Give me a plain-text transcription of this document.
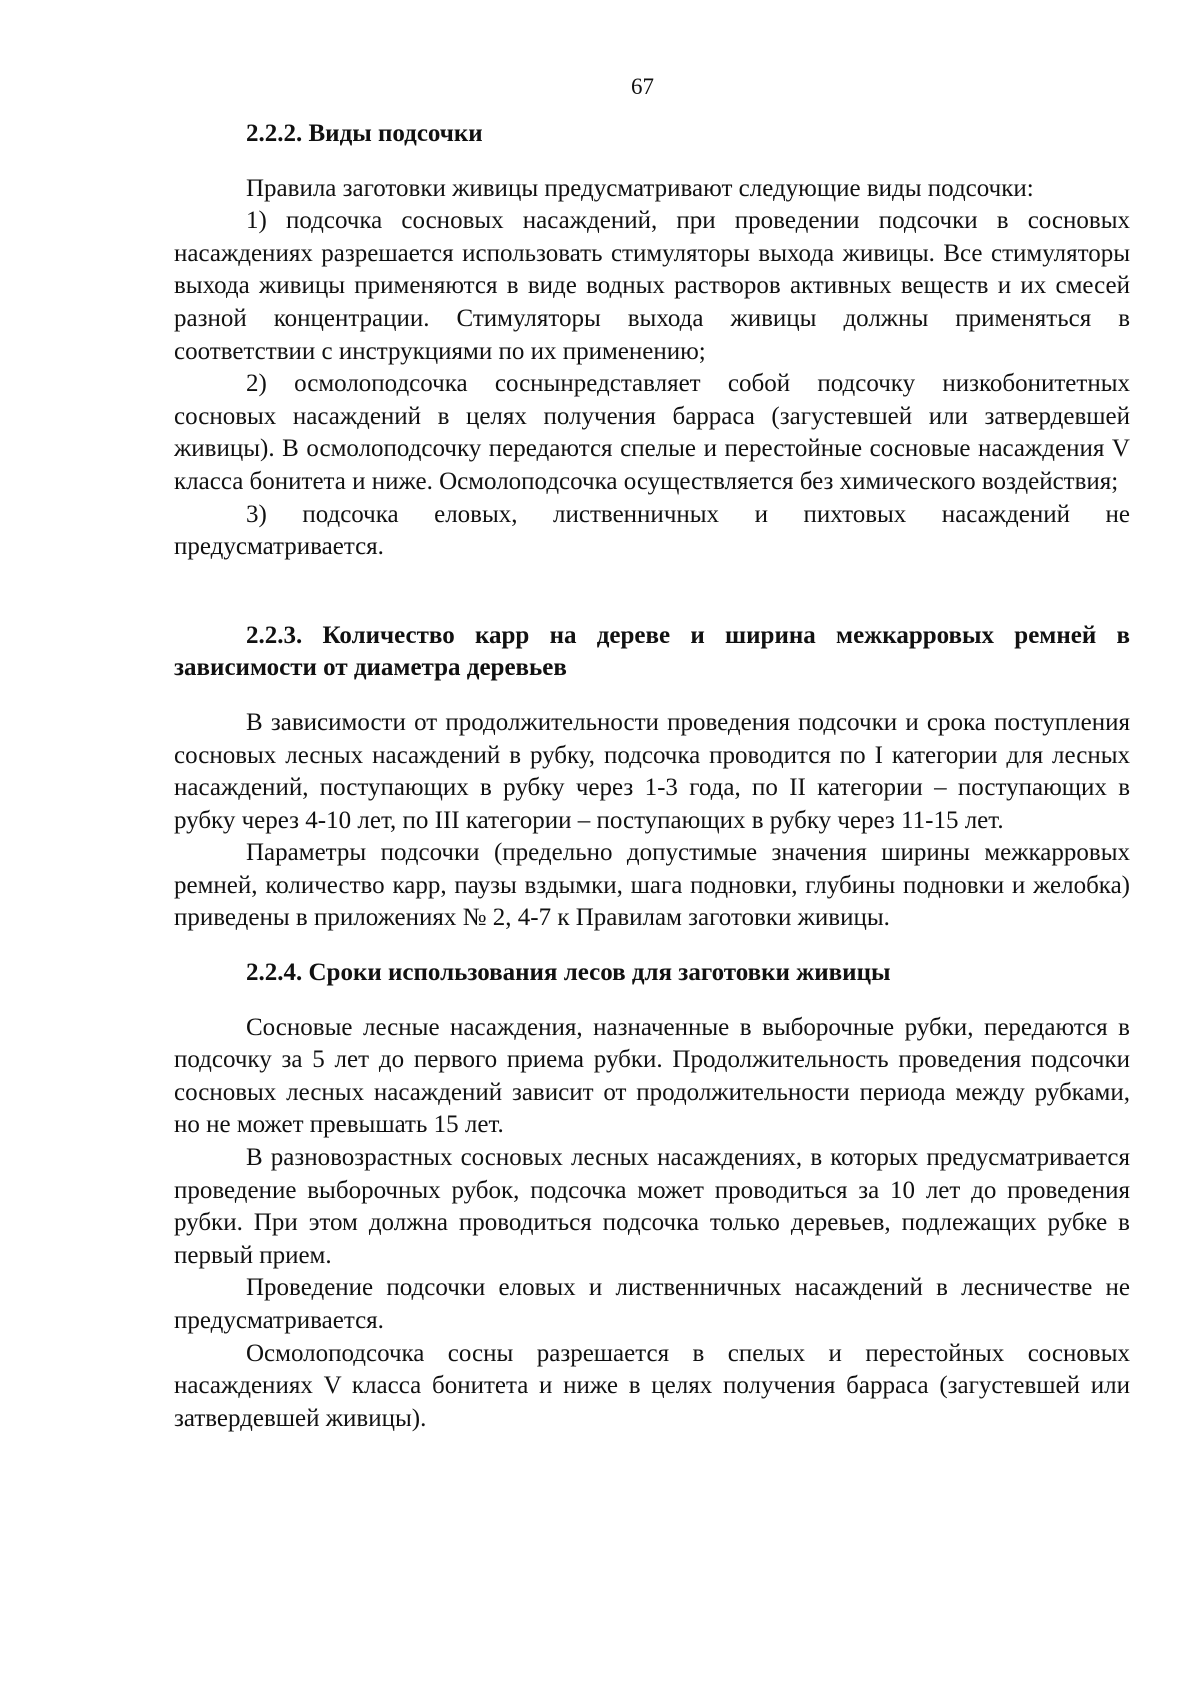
67

2.2.2. Виды подсочки

Правила заготовки живицы предусматривают следующие виды подсочки:

1) подсочка сосновых насаждений, при проведении подсочки в сосновых насаждениях разрешается использовать стимуляторы выхода живицы. Все стимуляторы выхода живицы применяются в виде водных растворов активных веществ и их смесей разной концентрации. Стимуляторы выхода живицы должны применяться в соответствии с инструкциями по их применению;

2) осмолоподсочка соснынредставляет собой подсочку низкобонитетных сосновых насаждений в целях получения барраса (загустевшей или затвердевшей живицы). В осмолоподсочку передаются спелые и перестойные сосновые насаждения V класса бонитета и ниже. Осмолоподсочка осуществляется без химического воздействия;

3) подсочка еловых, лиственничных и пихтовых насаждений не предусматривается.

2.2.3. Количество карр на дереве и ширина межкарровых ремней в зависимости от диаметра деревьев

В зависимости от продолжительности проведения подсочки и срока поступления сосновых лесных насаждений в рубку, подсочка проводится по I категории для лесных насаждений, поступающих в рубку через 1-3 года, по II категории – поступающих в рубку через 4-10 лет, по III категории – поступающих в рубку через 11-15 лет.

Параметры подсочки (предельно допустимые значения ширины межкарровых ремней, количество карр, паузы вздымки, шага подновки, глубины подновки и желобка) приведены в приложениях № 2, 4-7 к Правилам заготовки живицы.

2.2.4. Сроки использования лесов для заготовки живицы

Сосновые лесные насаждения, назначенные в выборочные рубки, передаются в подсочку за 5 лет до первого приема рубки. Продолжительность проведения подсочки сосновых лесных насаждений зависит от продолжительности периода между рубками, но не может превышать 15 лет.

В разновозрастных сосновых лесных насаждениях, в которых предусматривается проведение выборочных рубок, подсочка может проводиться за 10 лет до проведения рубки. При этом должна проводиться подсочка только деревьев, подлежащих рубке в первый прием.

Проведение подсочки еловых и лиственничных насаждений в лесничестве не предусматривается.

Осмолоподсочка сосны разрешается в спелых и перестойных сосновых насаждениях V класса бонитета и ниже в целях получения барраса (загустевшей или затвердевшей живицы).
